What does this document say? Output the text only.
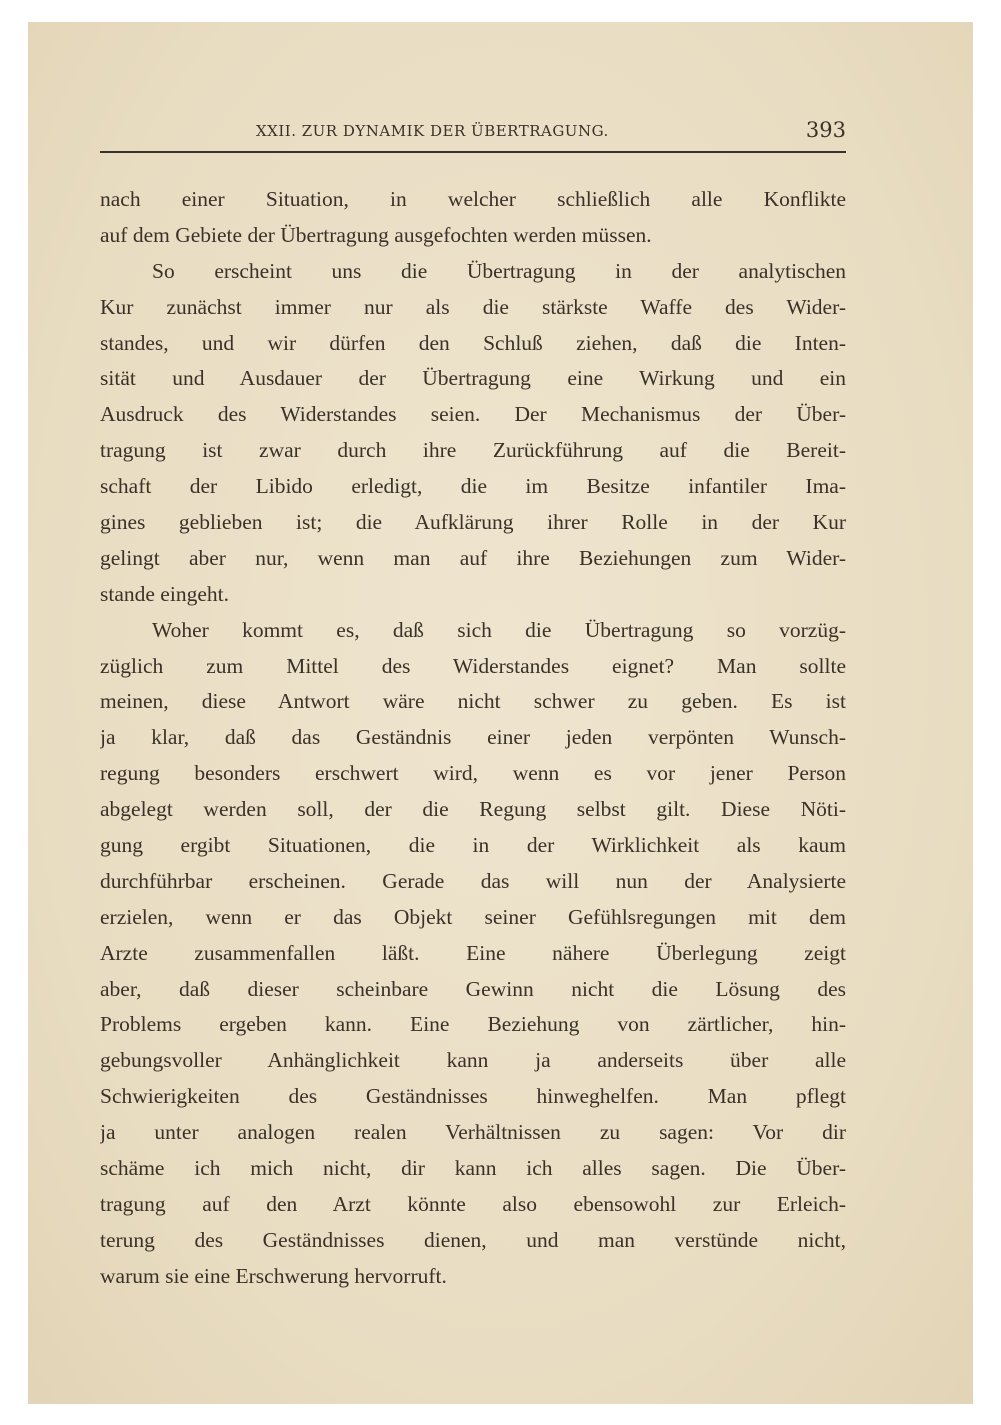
XXII. ZUR DYNAMIK DER ÜBERTRAGUNG.	393
nach einer Situation, in welcher schließlich alle Konflikte
auf dem Gebiete der Übertragung ausgefochten werden müssen.
So erscheint uns die Übertragung in der analytischen
Kur zunächst immer nur als die stärkste Waffe des Wider-
standes, und wir dürfen den Schluß ziehen, daß die Inten-
sität und Ausdauer der Übertragung eine Wirkung und ein
Ausdruck des Widerstandes seien. Der Mechanismus der Über-
tragung ist zwar durch ihre Zurückführung auf die Bereit-
schaft der Libido erledigt, die im Besitze infantiler Ima-
gines geblieben ist; die Aufklärung ihrer Rolle in der Kur
gelingt aber nur, wenn man auf ihre Beziehungen zum Wider-
stande eingeht.
Woher kommt es, daß sich die Übertragung so vorzüg-
züglich zum Mittel des Widerstandes eignet? Man sollte
meinen, diese Antwort wäre nicht schwer zu geben. Es ist
ja klar, daß das Geständnis einer jeden verpönten Wunsch-
regung besonders erschwert wird, wenn es vor jener Person
abgelegt werden soll, der die Regung selbst gilt. Diese Nöti-
gung ergibt Situationen, die in der Wirklichkeit als kaum
durchführbar erscheinen. Gerade das will nun der Analysierte
erzielen, wenn er das Objekt seiner Gefühlsregungen mit dem
Arzte zusammenfallen läßt. Eine nähere Überlegung zeigt
aber, daß dieser scheinbare Gewinn nicht die Lösung des
Problems ergeben kann. Eine Beziehung von zärtlicher, hin-
gebungsvoller Anhänglichkeit kann ja anderseits über alle
Schwierigkeiten des Geständnisses hinweghelfen. Man pflegt
ja unter analogen realen Verhältnissen zu sagen: Vor dir
schäme ich mich nicht, dir kann ich alles sagen. Die Über-
tragung auf den Arzt könnte also ebensowohl zur Erleich-
terung des Geständnisses dienen, und man verstünde nicht,
warum sie eine Erschwerung hervorruft.
